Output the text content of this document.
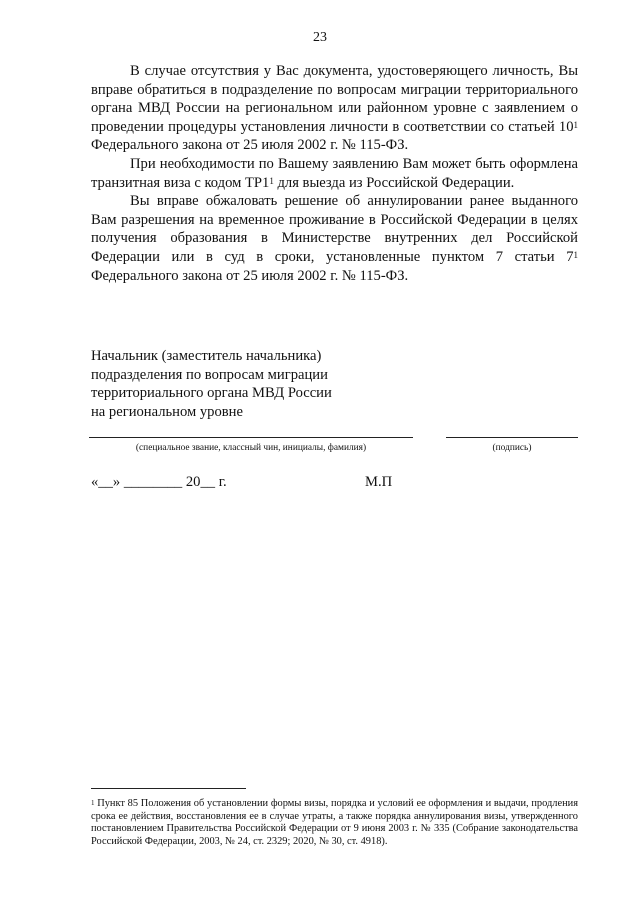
23

В случае отсутствия у Вас документа, удостоверяющего личность, Вы вправе обратиться в подразделение по вопросам миграции территориального органа МВД России на региональном или районном уровне с заявлением о проведении процедуры установления личности в соответствии со статьей $10^1$ Федерального закона от 25 июля 2002 г. № 115-ФЗ.

При необходимости по Вашему заявлению Вам может быть оформлена транзитная виза с кодом $ТР1^1$ для выезда из Российской Федерации.

Вы вправе обжаловать решение об аннулировании ранее выданного Вам разрешения на временное проживание в Российской Федерации в целях получения образования в Министерстве внутренних дел Российской Федерации или в суд в сроки, установленные пунктом 7 статьи $7^1$ Федерального закона от 25 июля 2002 г. № 115-ФЗ.

Начальник (заместитель начальника)
подразделения по вопросам миграции
территориального органа МВД России
на региональном уровне
(специальное звание, классный чин, инициалы, фамилия)	(подпись)
«__» ________ 20__ г.	М.П
$^1$ Пункт 85 Положения об установлении формы визы, порядка и условий ее оформления и выдачи, продления срока ее действия, восстановления ее в случае утраты, а также порядка аннулирования визы, утвержденного постановлением Правительства Российской Федерации от 9 июня 2003 г. № 335 (Собрание законодательства Российской Федерации, 2003, № 24, ст. 2329; 2020, № 30, ст. 4918).
